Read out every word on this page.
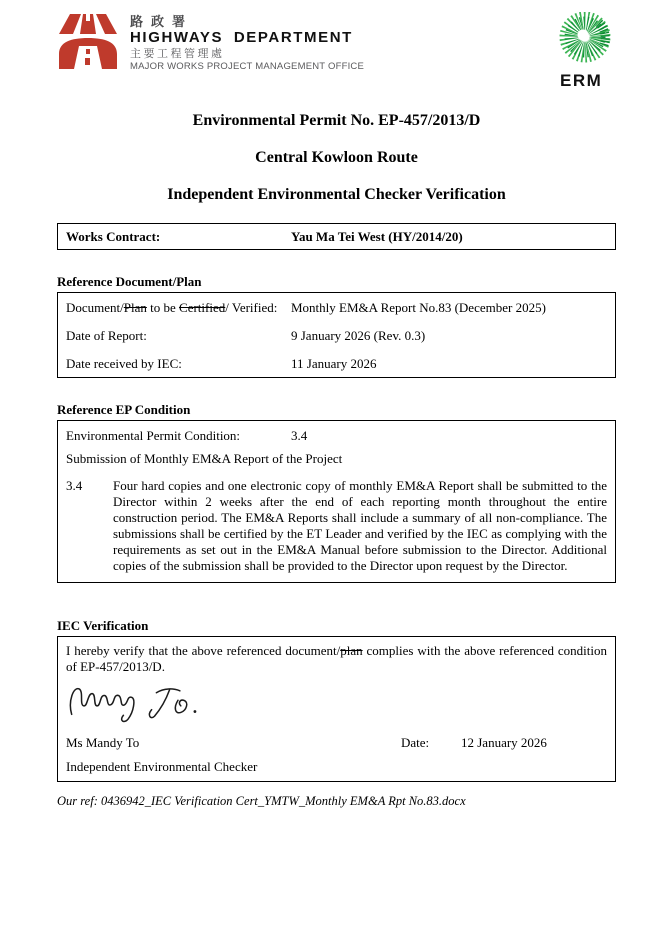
路政署
HIGHWAYS DEPARTMENT
主要工程管理處
MAJOR WORKS PROJECT MANAGEMENT OFFICE
ERM
Environmental Permit No. EP-457/2013/D
Central Kowloon Route
Independent Environmental Checker Verification
Works Contract:	Yau Ma Tei West (HY/2014/20)
Reference Document/Plan
Document/Plan to be Certified/ Verified:	Monthly EM&A Report No.83 (December 2025)
Date of Report:	9 January 2026 (Rev. 0.3)
Date received by IEC:	11 January 2026
Reference EP Condition
Environmental Permit Condition:	3.4
Submission of Monthly EM&A Report of the Project
3.4	Four hard copies and one electronic copy of monthly EM&A Report shall be submitted to the Director within 2 weeks after the end of each reporting month throughout the entire construction period. The EM&A Reports shall include a summary of all non-compliance. The submissions shall be certified by the ET Leader and verified by the IEC as complying with the requirements as set out in the EM&A Manual before submission to the Director. Additional copies of the submission shall be provided to the Director upon request by the Director.
IEC Verification
I hereby verify that the above referenced document/plan complies with the above referenced condition of EP-457/2013/D.
Ms Mandy To	Date: 12 January 2026
Independent Environmental Checker
Our ref: 0436942_IEC Verification Cert_YMTW_Monthly EM&A Rpt No.83.docx
